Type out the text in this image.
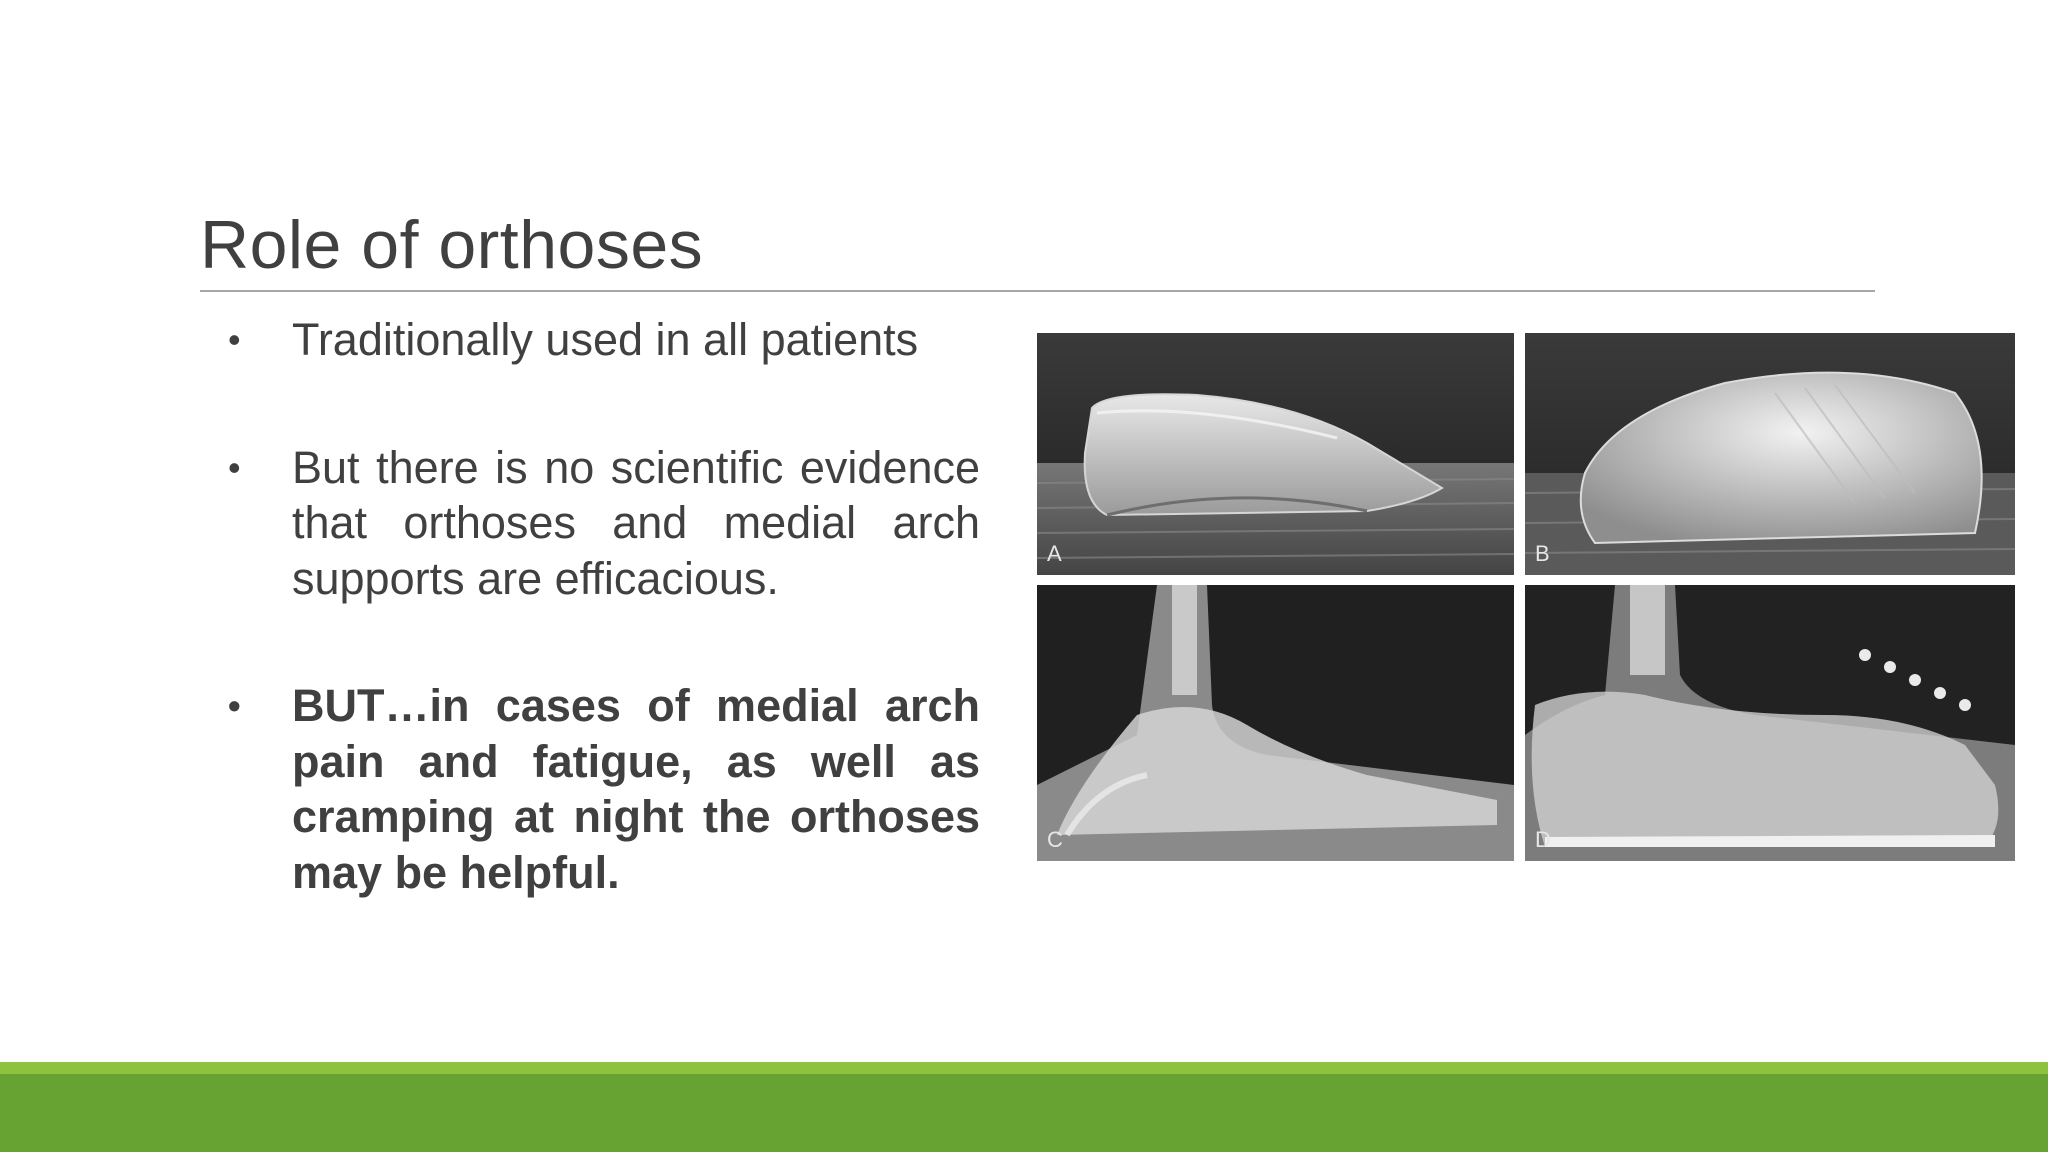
Role of orthoses
•	Traditionally used in all patients
•	But there is no scientific evidence that orthoses and medial arch supports are efficacious.
•	BUT…in cases of medial arch pain and fatigue, as well as cramping at night the orthoses may be helpful.
A	B
C	D
